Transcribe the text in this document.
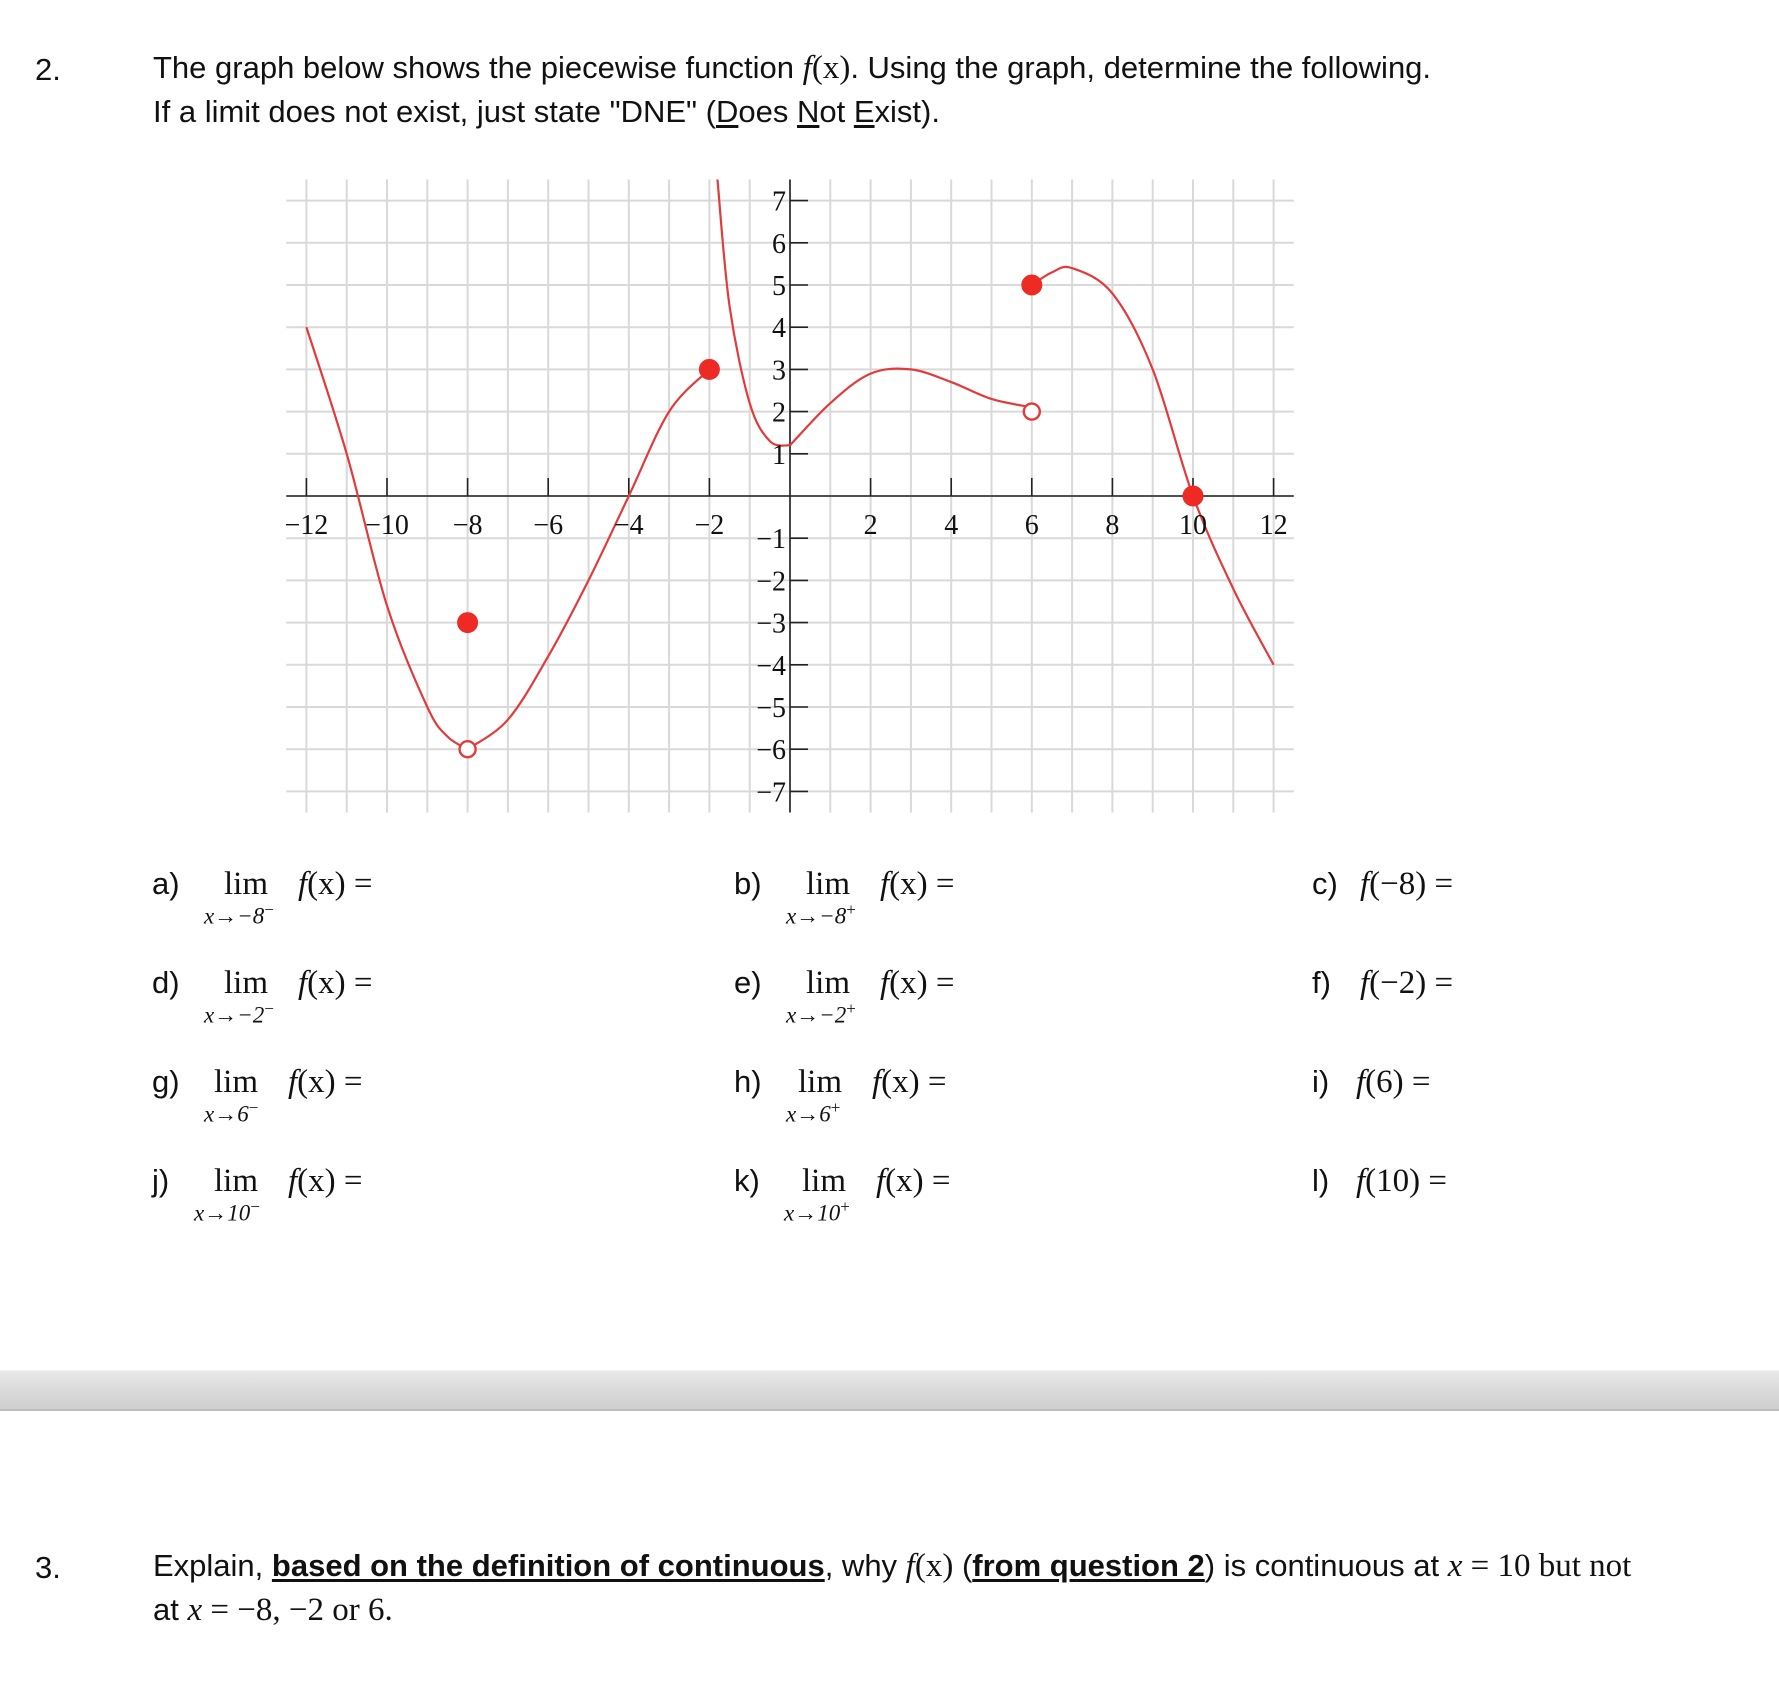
2.	The graph below shows the piecewise function f(x). Using the graph, determine the following.
If a limit does not exist, just state "DNE" (Does Not Exist).
−12 −10 −8 −6 −4 −2	2 4 6 8 10 12
7
6
5
4
3
2
1
−1
−2
−3
−4
−5
−6
−7
a) lim
x→−8−
f(x) =	b) lim
x→−8+
f(x) =	c) f(−8) =
d) lim
x→−2−
f(x) =	e) lim
x→−2+
f(x) =	f) f(−2) =
g) lim
x→6−
f(x) =	h) lim
x→6+
f(x) =	i) f(6) =
j) lim
x→10−
f(x) =	k) lim
x→10+
f(x) =	l) f(10) =
3.	Explain, based on the definition of continuous, why f(x) (from question 2) is continuous at x = 10 but not
at x = −8, −2 or 6.
